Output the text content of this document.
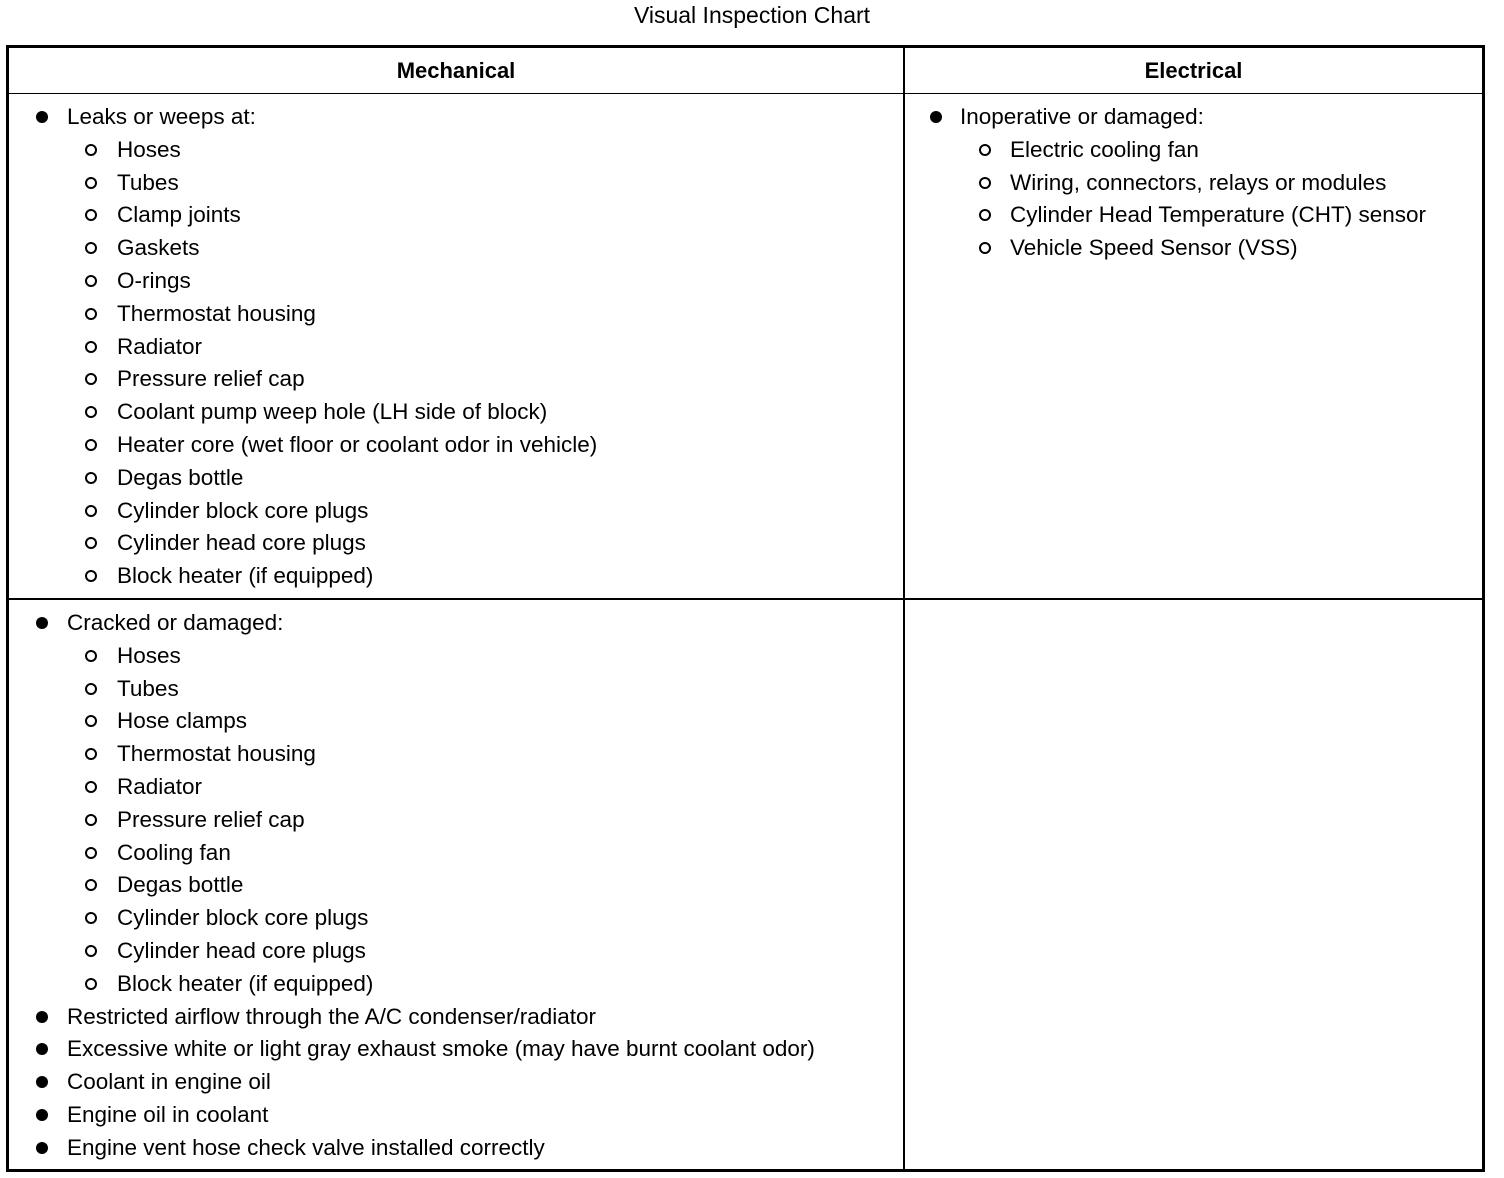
Visual Inspection Chart
Mechanical	Electrical
Leaks or weeps at:
Hoses
Tubes
Clamp joints
Gaskets
O-rings
Thermostat housing
Radiator
Pressure relief cap
Coolant pump weep hole (LH side of block)
Heater core (wet floor or coolant odor in vehicle)
Degas bottle
Cylinder block core plugs
Cylinder head core plugs
Block heater (if equipped)
Inoperative or damaged:
Electric cooling fan
Wiring, connectors, relays or modules
Cylinder Head Temperature (CHT) sensor
Vehicle Speed Sensor (VSS)
Cracked or damaged:
Hoses
Tubes
Hose clamps
Thermostat housing
Radiator
Pressure relief cap
Cooling fan
Degas bottle
Cylinder block core plugs
Cylinder head core plugs
Block heater (if equipped)
Restricted airflow through the A/C condenser/radiator
Excessive white or light gray exhaust smoke (may have burnt coolant odor)
Coolant in engine oil
Engine oil in coolant
Engine vent hose check valve installed correctly
